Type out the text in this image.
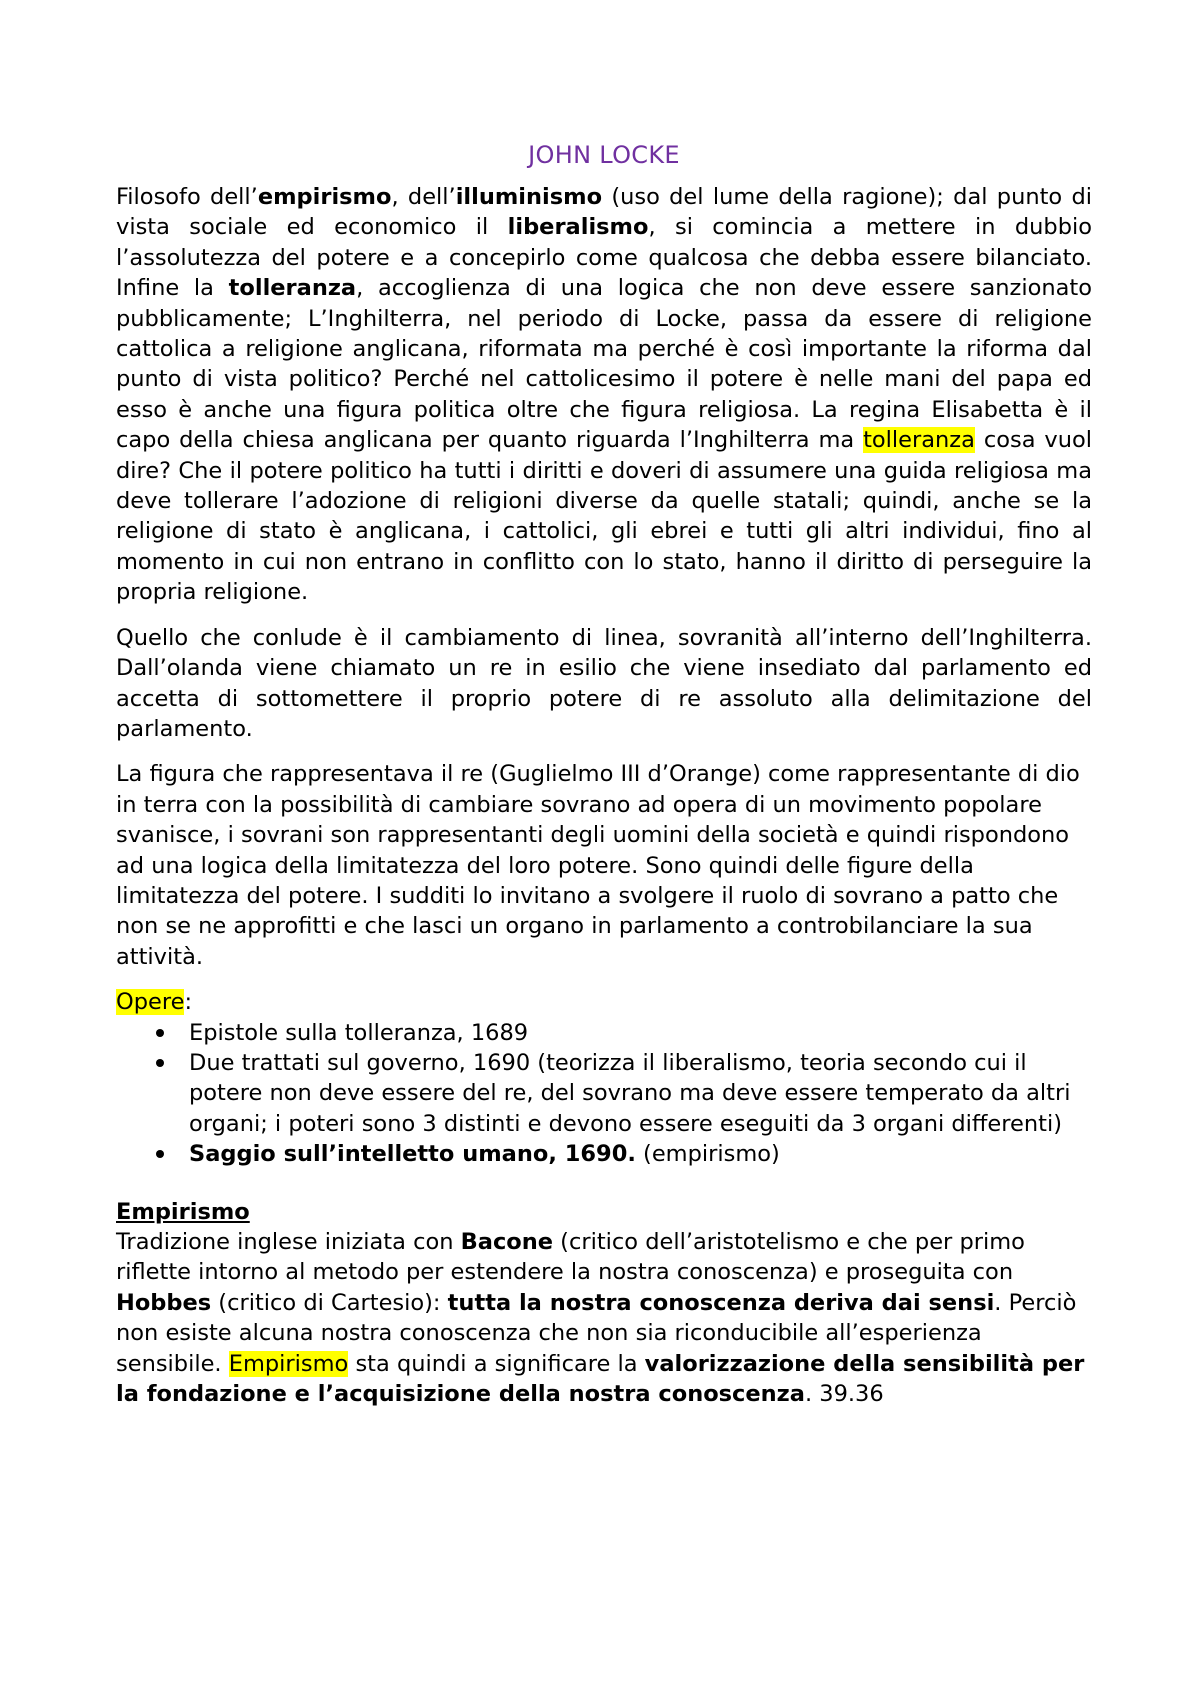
JOHN LOCKE

Filosofo dell’empirismo, dell’illuminismo (uso del lume della ragione); dal punto di vista sociale ed economico il liberalismo, si comincia a mettere in dubbio l’assolutezza del potere e a concepirlo come qualcosa che debba essere bilanciato. Infine la tolleranza, accoglienza di una logica che non deve essere sanzionato pubblicamente; L’Inghilterra, nel periodo di Locke, passa da essere di religione cattolica a religione anglicana, riformata ma perché è così importante la riforma dal punto di vista politico? Perché nel cattolicesimo il potere è nelle mani del papa ed esso è anche una figura politica oltre che figura religiosa. La regina Elisabetta è il capo della chiesa anglicana per quanto riguarda l’Inghilterra ma tolleranza cosa vuol dire? Che il potere politico ha tutti i diritti e doveri di assumere una guida religiosa ma deve tollerare l’adozione di religioni diverse da quelle statali; quindi, anche se la religione di stato è anglicana, i cattolici, gli ebrei e tutti gli altri individui, fino al momento in cui non entrano in conflitto con lo stato, hanno il diritto di perseguire la propria religione.

Quello che conlude è il cambiamento di linea, sovranità all’interno dell’Inghilterra. Dall’olanda viene chiamato un re in esilio che viene insediato dal parlamento ed accetta di sottomettere il proprio potere di re assoluto alla delimitazione del parlamento.

La figura che rappresentava il re (Guglielmo III d’Orange) come rappresentante di dio in terra con la possibilità di cambiare sovrano ad opera di un movimento popolare svanisce, i sovrani son rappresentanti degli uomini della società e quindi rispondono ad una logica della limitatezza del loro potere. Sono quindi delle figure della limitatezza del potere. I sudditi lo invitano a svolgere il ruolo di sovrano a patto che non se ne approfitti e che lasci un organo in parlamento a controbilanciare la sua attività.

Opere:

Epistole sulla tolleranza, 1689
Due trattati sul governo, 1690 (teorizza il liberalismo, teoria secondo cui il potere non deve essere del re, del sovrano ma deve essere temperato da altri organi; i poteri sono 3 distinti e devono essere eseguiti da 3 organi differenti)
Saggio sull’intelletto umano, 1690. (empirismo)

Empirismo

Tradizione inglese iniziata con Bacone (critico dell’aristotelismo e che per primo riflette intorno al metodo per estendere la nostra conoscenza) e proseguita con Hobbes (critico di Cartesio): tutta la nostra conoscenza deriva dai sensi. Perciò non esiste alcuna nostra conoscenza che non sia riconducibile all’esperienza sensibile. Empirismo sta quindi a significare la valorizzazione della sensibilità per la fondazione e l’acquisizione della nostra conoscenza. 39.36
